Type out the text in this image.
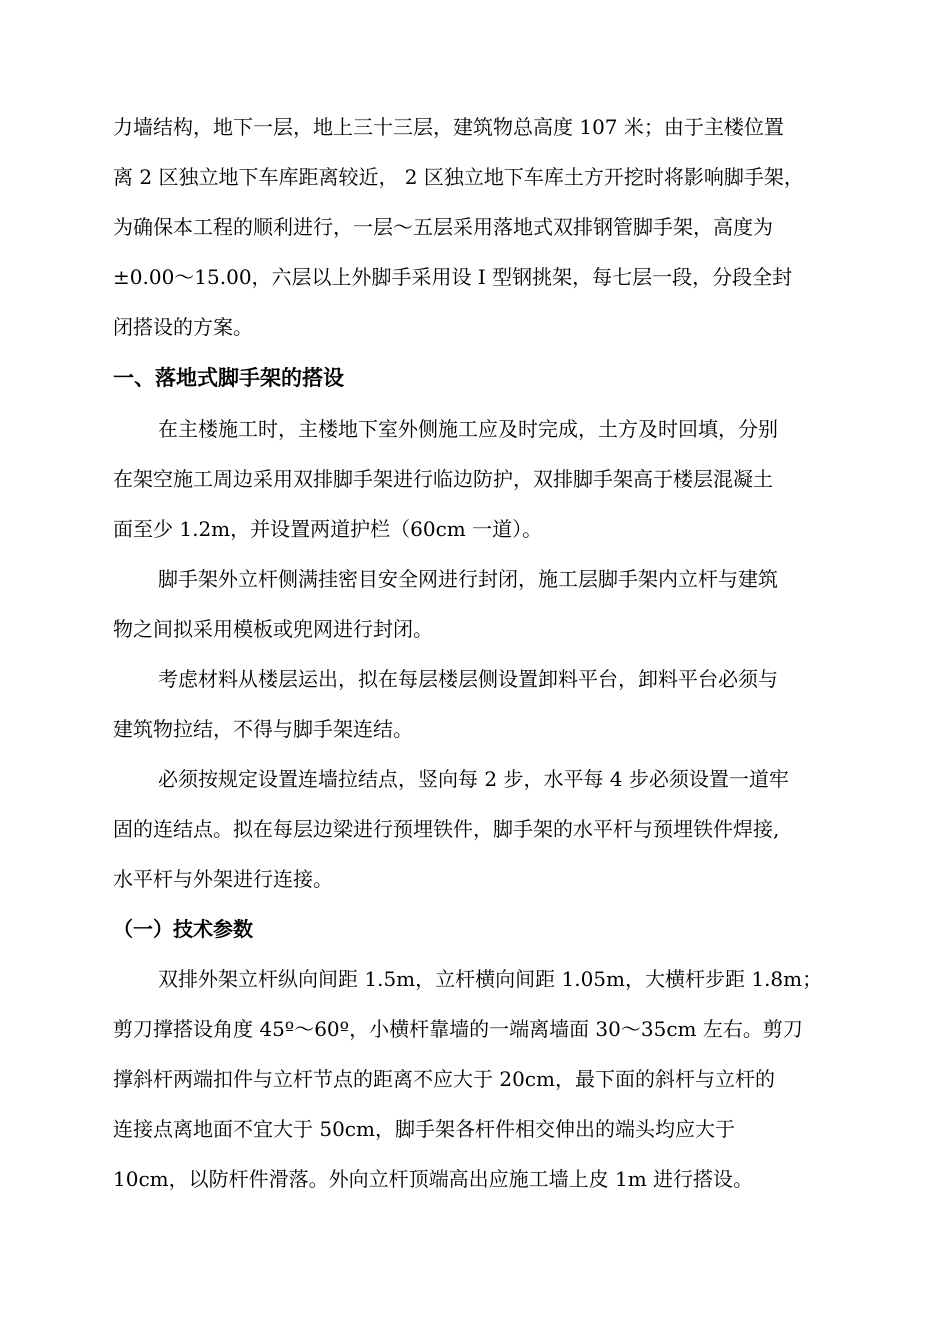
力墙结构，地下一层，地上三十三层，建筑物总高度 107 米；由于主楼位置
离 2 区独立地下车库距离较近， 2 区独立地下车库土方开挖时将影响脚手架，
为确保本工程的顺利进行，一层～五层采用落地式双排钢管脚手架，高度为
±0.00～15.00，六层以上外脚手采用设 I 型钢挑架，每七层一段，分段全封
闭搭设的方案。
一、落地式脚手架的搭设
在主楼施工时，主楼地下室外侧施工应及时完成，土方及时回填，分别
在架空施工周边采用双排脚手架进行临边防护，双排脚手架高于楼层混凝土
面至少 1.2m，并设置两道护栏（60cm 一道）。
脚手架外立杆侧满挂密目安全网进行封闭，施工层脚手架内立杆与建筑
物之间拟采用模板或兜网进行封闭。
考虑材料从楼层运出，拟在每层楼层侧设置卸料平台，卸料平台必须与
建筑物拉结，不得与脚手架连结。
必须按规定设置连墙拉结点，竖向每 2 步，水平每 4 步必须设置一道牢
固的连结点。拟在每层边梁进行预埋铁件，脚手架的水平杆与预埋铁件焊接,
水平杆与外架进行连接。
（一）技术参数
双排外架立杆纵向间距 1.5m，立杆横向间距 1.05m，大横杆步距 1.8m；
剪刀撑搭设角度 45º～60º，小横杆靠墙的一端离墙面 30～35cm 左右。剪刀
撑斜杆两端扣件与立杆节点的距离不应大于 20cm，最下面的斜杆与立杆的
连接点离地面不宜大于 50cm，脚手架各杆件相交伸出的端头均应大于
10cm，以防杆件滑落。外向立杆顶端高出应施工墙上皮 1m 进行搭设。
